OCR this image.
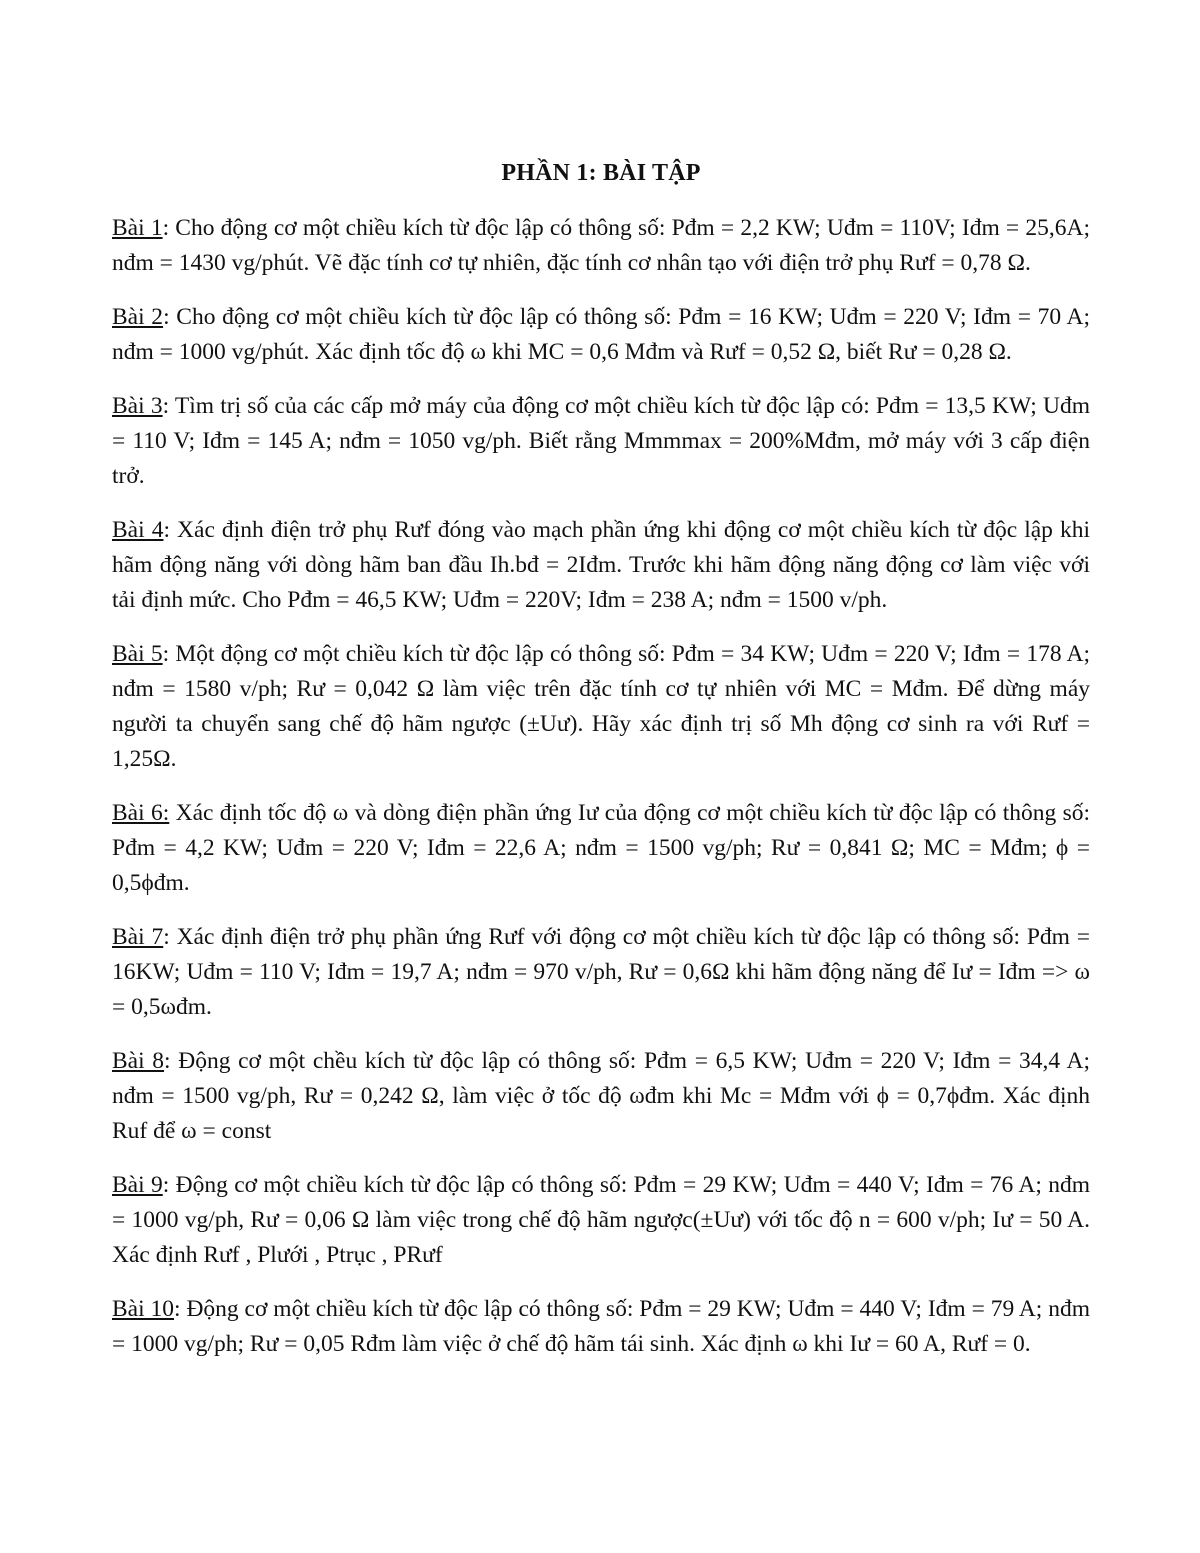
PHẦN 1: BÀI TẬP
Bài 1: Cho động cơ một chiều kích từ độc lập có thông số: Pđm = 2,2 KW; Uđm = 110V; Iđm = 25,6A; nđm = 1430 vg/phút. Vẽ đặc tính cơ tự nhiên, đặc tính cơ nhân tạo với điện trở phụ Rưf = 0,78 Ω.
Bài 2: Cho động cơ một chiều kích từ độc lập có thông số: Pđm = 16 KW; Uđm = 220 V; Iđm = 70 A; nđm = 1000 vg/phút. Xác định tốc độ ω khi MC = 0,6 Mđm và Rưf = 0,52 Ω, biết Rư = 0,28 Ω.
Bài 3: Tìm trị số của các cấp mở máy của động cơ một chiều kích từ độc lập có: Pđm = 13,5 KW; Uđm = 110 V; Iđm = 145 A; nđm = 1050 vg/ph. Biết rằng Mmmmax = 200%Mđm, mở máy với 3 cấp điện trở.
Bài 4: Xác định điện trở phụ Rưf đóng vào mạch phần ứng khi động cơ một chiều kích từ độc lập khi hãm động năng với dòng hãm ban đầu Ih.bđ = 2Iđm. Trước khi hãm động năng động cơ làm việc với tải định mức. Cho Pđm = 46,5 KW; Uđm = 220V; Iđm = 238 A; nđm = 1500 v/ph.
Bài 5: Một động cơ một chiều kích từ độc lập có thông số: Pđm = 34 KW; Uđm = 220 V; Iđm = 178 A; nđm = 1580 v/ph; Rư = 0,042 Ω làm việc trên đặc tính cơ tự nhiên với MC = Mđm. Để dừng máy người ta chuyển sang chế độ hãm ngược (±Uư). Hãy xác định trị số Mh động cơ sinh ra với Rưf = 1,25Ω.
Bài 6: Xác định tốc độ ω và dòng điện phần ứng Iư của động cơ một chiều kích từ độc lập có thông số: Pđm = 4,2 KW; Uđm = 220 V; Iđm = 22,6 A; nđm = 1500 vg/ph; Rư = 0,841 Ω; MC = Mđm; ϕ = 0,5ϕđm.
Bài 7: Xác định điện trở phụ phần ứng Rưf với động cơ một chiều kích từ độc lập có thông số: Pđm = 16KW; Uđm = 110 V; Iđm = 19,7 A; nđm = 970 v/ph, Rư = 0,6Ω khi hãm động năng để Iư = Iđm => ω = 0,5ωđm.
Bài 8: Động cơ một chều kích từ độc lập có thông số: Pđm = 6,5 KW; Uđm = 220 V; Iđm = 34,4 A; nđm = 1500 vg/ph, Rư = 0,242 Ω, làm việc ở tốc độ ωđm khi Mc = Mđm với ϕ = 0,7ϕđm. Xác định Ruf để ω = const
Bài 9: Động cơ một chiều kích từ độc lập có thông số: Pđm = 29 KW; Uđm = 440 V; Iđm = 76 A; nđm = 1000 vg/ph, Rư = 0,06 Ω làm việc trong chế độ hãm ngược(±Uư) với tốc độ n = 600 v/ph; Iư = 50 A. Xác định Rưf , Plưới , Ptrục , PRưf
Bài 10: Động cơ một chiều kích từ độc lập có thông số: Pđm = 29 KW; Uđm = 440 V; Iđm = 79 A; nđm = 1000 vg/ph; Rư = 0,05 Rđm làm việc ở chế độ hãm tái sinh. Xác định ω khi Iư = 60 A, Rưf = 0.
